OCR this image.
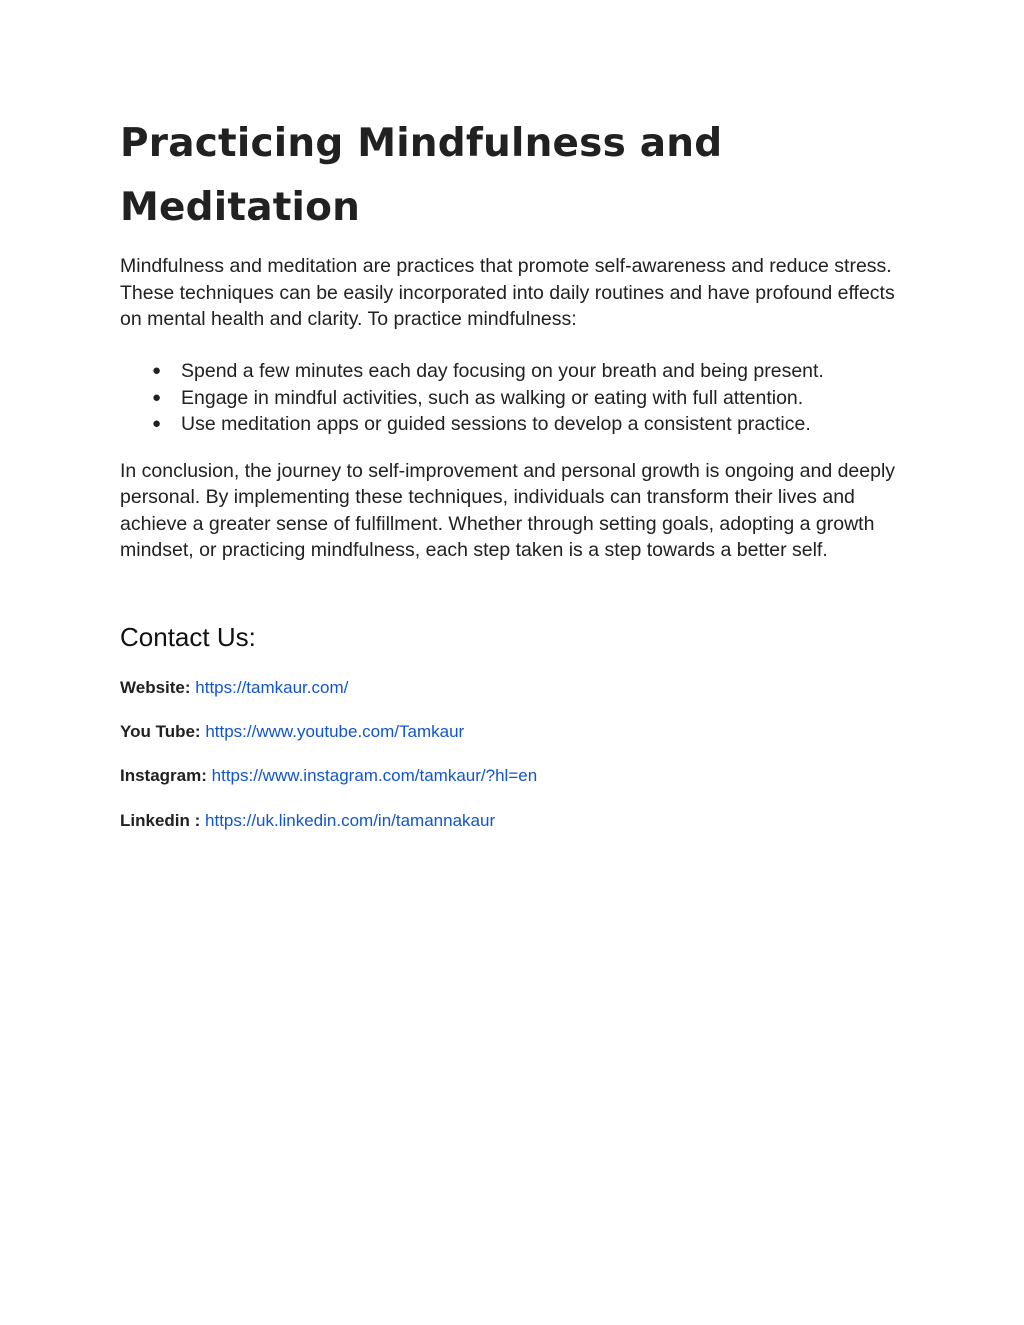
Practicing Mindfulness and Meditation

Mindfulness and meditation are practices that promote self-awareness and reduce stress. These techniques can be easily incorporated into daily routines and have profound effects on mental health and clarity. To practice mindfulness:

● Spend a few minutes each day focusing on your breath and being present.
● Engage in mindful activities, such as walking or eating with full attention.
● Use meditation apps or guided sessions to develop a consistent practice.

In conclusion, the journey to self-improvement and personal growth is ongoing and deeply personal. By implementing these techniques, individuals can transform their lives and achieve a greater sense of fulfillment. Whether through setting goals, adopting a growth mindset, or practicing mindfulness, each step taken is a step towards a better self.

Contact Us:

Website: https://tamkaur.com/

You Tube: https://www.youtube.com/Tamkaur

Instagram: https://www.instagram.com/tamkaur/?hl=en

Linkedin : https://uk.linkedin.com/in/tamannakaur
